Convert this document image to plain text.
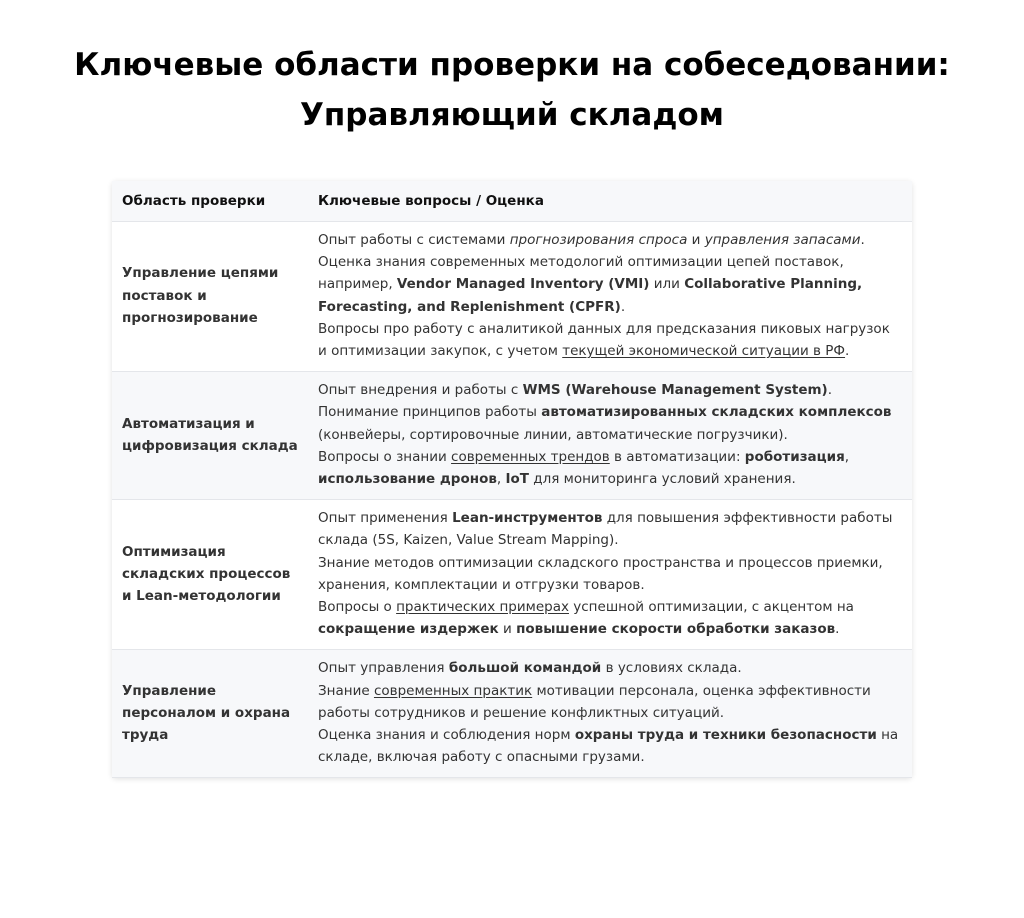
Ключевые области проверки на собеседовании:
Управляющий складом
Область проверки	Ключевые вопросы / Оценка
Управление цепями поставок и прогнозирование	Опыт работы с системами прогнозирования спроса и управления запасами.
Оценка знания современных методологий оптимизации цепей поставок, например, Vendor Managed Inventory (VMI) или Collaborative Planning, Forecasting, and Replenishment (CPFR).
Вопросы про работу с аналитикой данных для предсказания пиковых нагрузок и оптимизации закупок, с учетом текущей экономической ситуации в РФ.

Автоматизация и цифровизация склада	Опыт внедрения и работы с WMS (Warehouse Management System).
Понимание принципов работы автоматизированных складских комплексов (конвейеры, сортировочные линии, автоматические погрузчики).
Вопросы о знании современных трендов в автоматизации: роботизация, использование дронов, IoT для мониторинга условий хранения.

Оптимизация складских процессов и Lean-методологии	Опыт применения Lean-инструментов для повышения эффективности работы склада (5S, Kaizen, Value Stream Mapping).
Знание методов оптимизации складского пространства и процессов приемки, хранения, комплектации и отгрузки товаров.
Вопросы о практических примерах успешной оптимизации, с акцентом на сокращение издержек и повышение скорости обработки заказов.

Управление персоналом и охрана труда	Опыт управления большой командой в условиях склада.
Знание современных практик мотивации персонала, оценка эффективности работы сотрудников и решение конфликтных ситуаций.
Оценка знания и соблюдения норм охраны труда и техники безопасности на складе, включая работу с опасными грузами.
